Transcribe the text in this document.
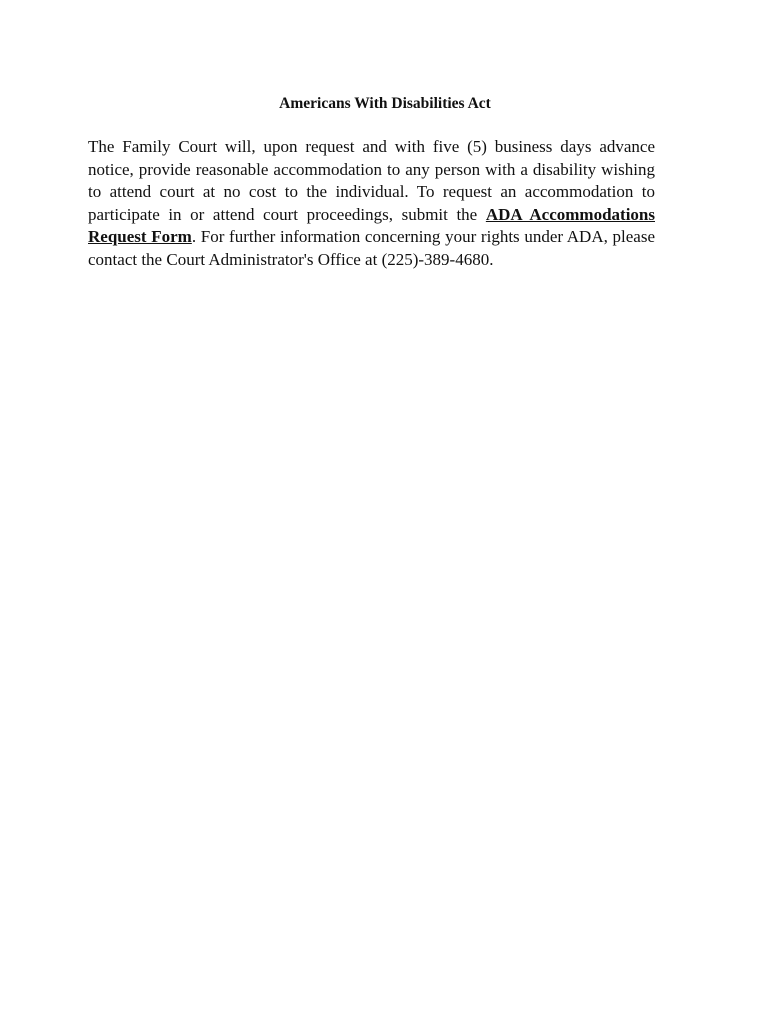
Americans With Disabilities Act

The Family Court will, upon request and with five (5) business days advance notice, provide reasonable accommodation to any person with a disability wishing to attend court at no cost to the individual. To request an accommodation to participate in or attend court proceedings, submit the ADA Accommodations Request Form. For further information concerning your rights under ADA, please contact the Court Administrator's Office at (225)-389-4680.
